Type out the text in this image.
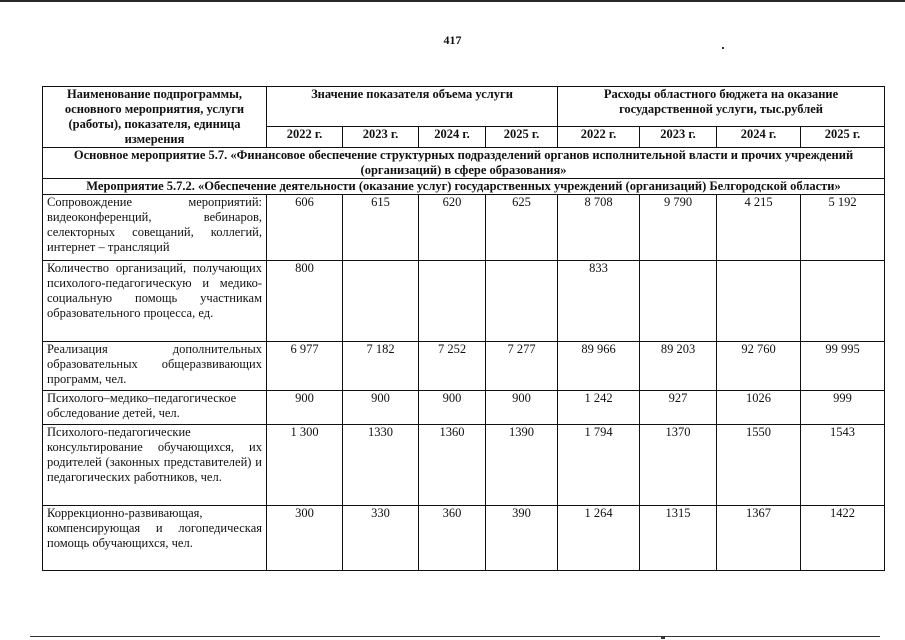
417
Наименование подпрограммы, основного мероприятия, услуги (работы), показателя, единица измерения	Значение показателя объема услуги				Расходы областного бюджета на оказание государственной услуги, тыс.рублей			
	2022 г.	2023 г.	2024 г.	2025 г.	2022 г.	2023 г.	2024 г.	2025 г.
Основное мероприятие 5.7. «Финансовое обеспечение структурных подразделений органов исполнительной власти и прочих учреждений (организаций) в сфере образования»								
Мероприятие 5.7.2. «Обеспечение деятельности (оказание услуг) государственных учреждений (организаций) Белгородской области»								
Сопровождение мероприятий: видеоконференций, вебинаров, селекторных совещаний, коллегий, интернет – трансляций	606	615	620	625	8 708	9 790	4 215	5 192
Количество организаций, получающих психолого-педагогическую и медико-социальную помощь участникам образовательного процесса, ед.	800				833			
Реализация дополнительных образовательных общеразвивающих программ, чел.	6 977	7 182	7 252	7 277	89 966	89 203	92 760	99 995
Психолого–медико–педагогическое обследование детей, чел.	900	900	900	900	1 242	927	1026	999
Психолого-педагогические консультирование обучающихся, их родителей (законных представителей) и педагогических работников, чел.	1 300	1330	1360	1390	1 794	1370	1550	1543
Коррекционно-развивающая, компенсирующая и логопедическая помощь обучающихся, чел.	300	330	360	390	1 264	1315	1367	1422
